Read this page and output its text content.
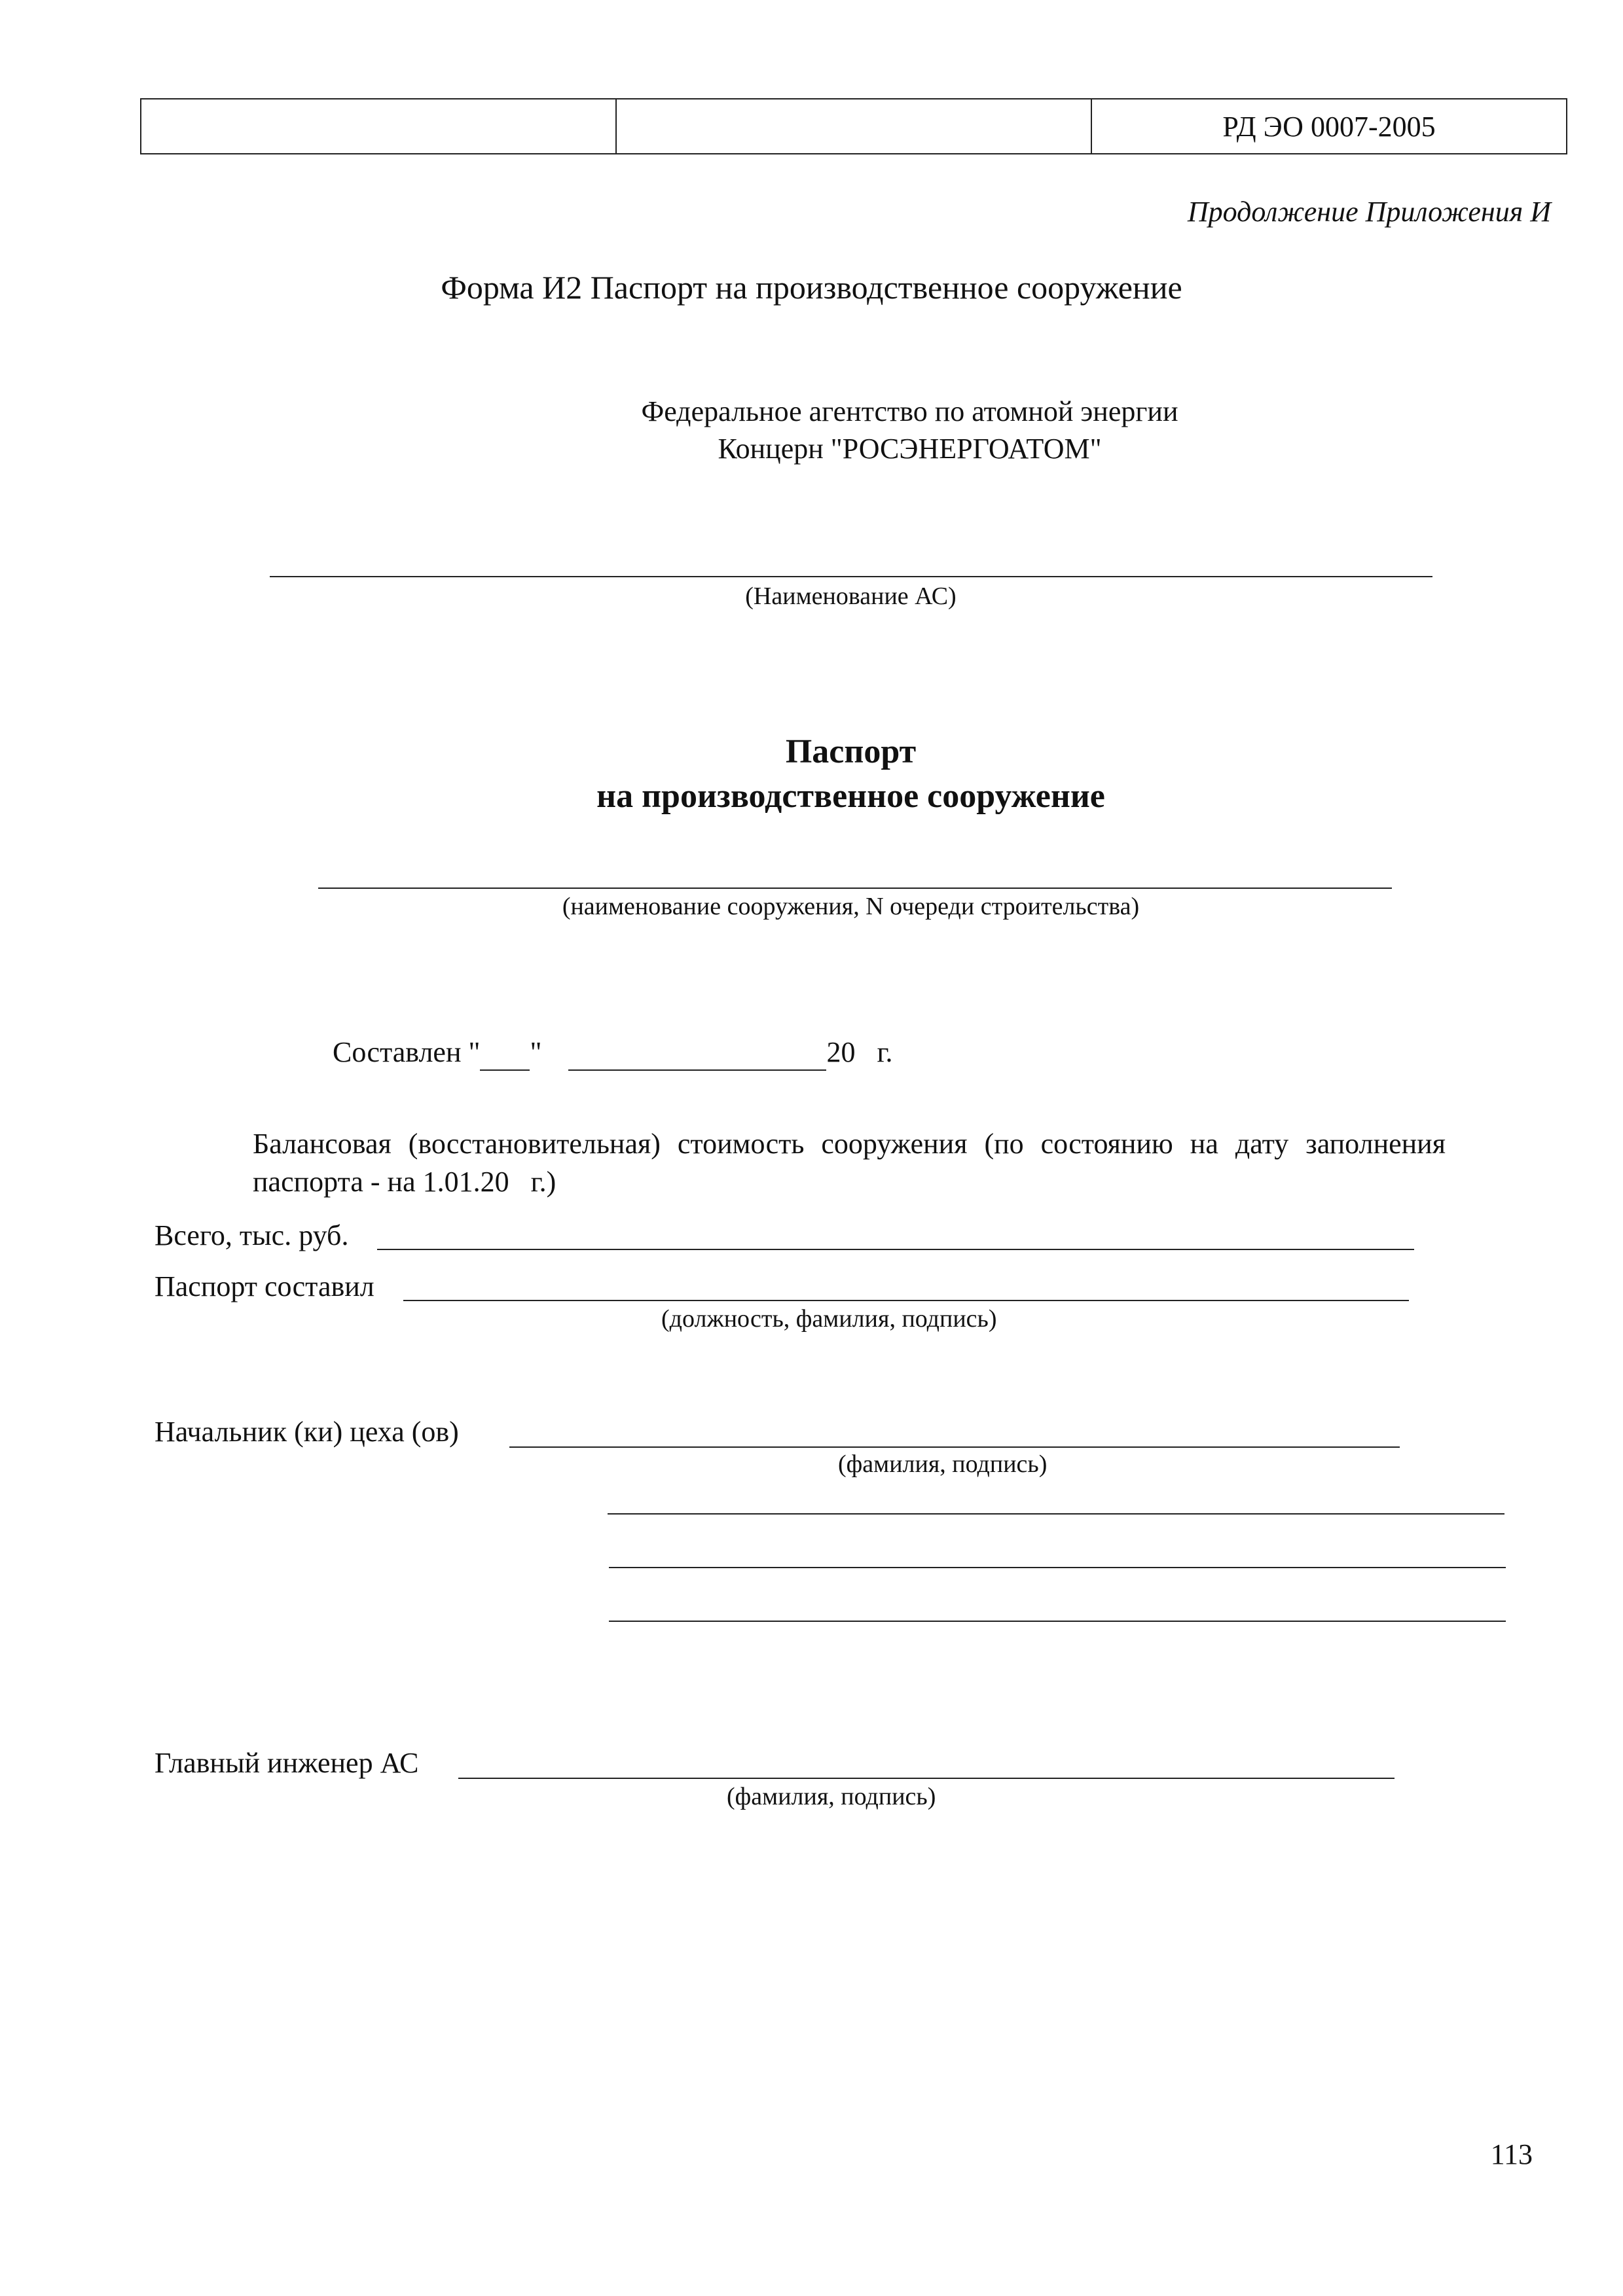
		РД ЭО 0007-2005
Продолжение Приложения И
Форма И2 Паспорт на производственное сооружение
Федеральное агентство по атомной энергии
Концерн "РОСЭНЕРГОАТОМ"
(Наименование АС)
Паспорт
на производственное сооружение
(наименование сооружения, N очереди строительства)
Составлен " "	20   г.
Балансовая  (восстановительная)  стоимость  сооружения  (по  состоянию  на  дату  заполнения
паспорта - на 1.01.20   г.)
Всего, тыс. руб.
Паспорт составил
(должность, фамилия, подпись)
Начальник (ки) цеха (ов)
(фамилия, подпись)
Главный инженер АС
(фамилия, подпись)
113
